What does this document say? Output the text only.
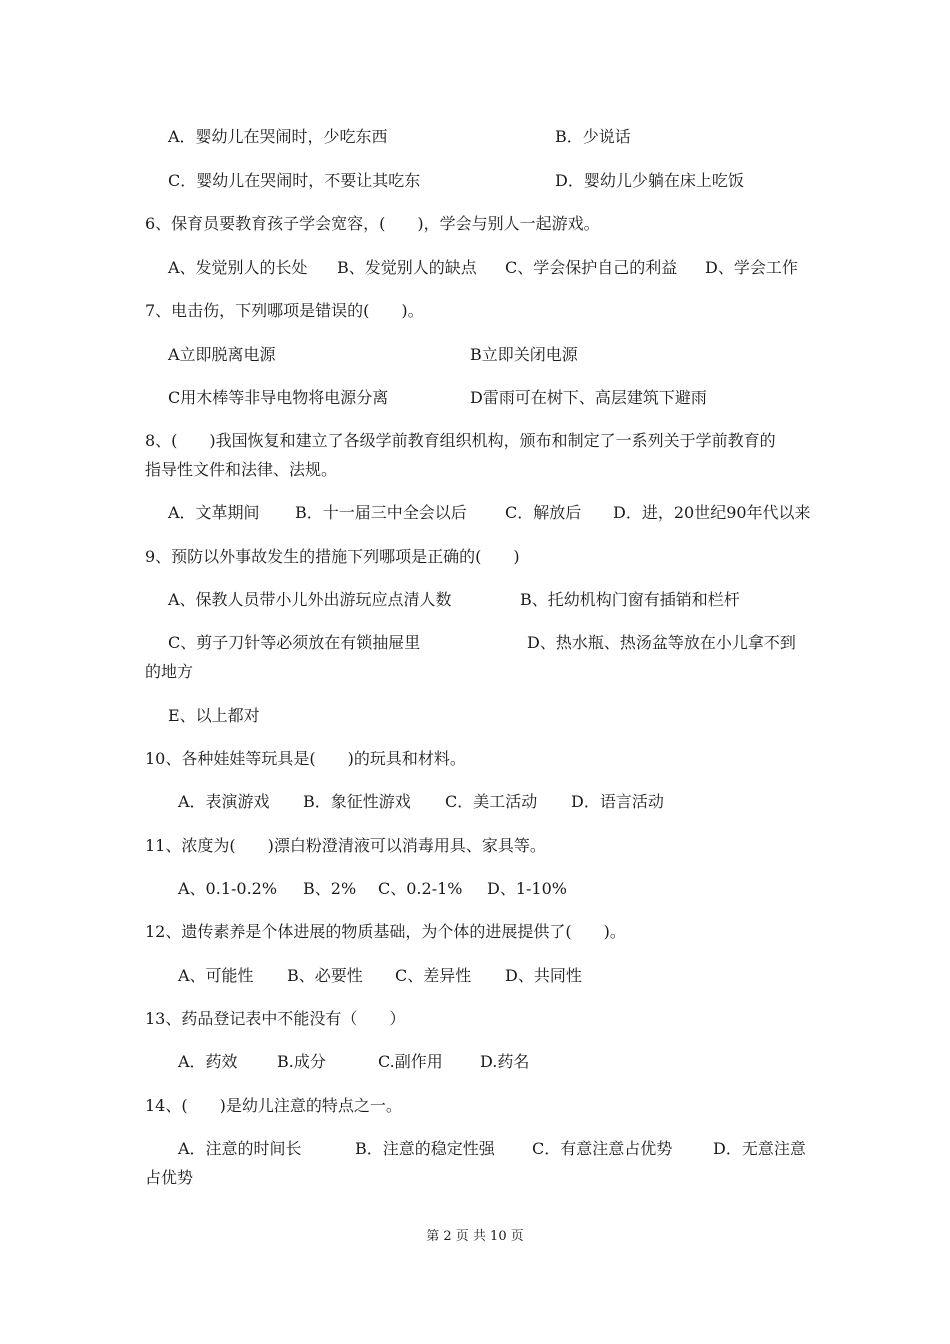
A．婴幼儿在哭闹时，少吃东西	B．少说话
C．婴幼儿在哭闹时，不要让其吃东	D．婴幼儿少躺在床上吃饭
6、保育员要教育孩子学会宽容，(　　)，学会与别人一起游戏。
A、发觉别人的长处 B、发觉别人的缺点 C、学会保护自己的利益 D、学会工作
7、电击伤，下列哪项是错误的(　　)。
A立即脱离电源	B立即关闭电源
C用木棒等非导电物将电源分离	D雷雨可在树下、高层建筑下避雨
8、(　　)我国恢复和建立了各级学前教育组织机构，颁布和制定了一系列关于学前教育的
指导性文件和法律、法规。
A．文革期间 B．十一届三中全会以后 C．解放后 D．进，20世纪90年代以来
9、预防以外事故发生的措施下列哪项是正确的(　　)
A、保教人员带小儿外出游玩应点清人数	B、托幼机构门窗有插销和栏杆
C、剪子刀针等必须放在有锁抽屉里	D、热水瓶、热汤盆等放在小儿拿不到
的地方
E、以上都对
10、各种娃娃等玩具是(　　)的玩具和材料。
A．表演游戏 B．象征性游戏 C．美工活动 D．语言活动
11、浓度为(　　)漂白粉澄清液可以消毒用具、家具等。
A、0.1-0.2% B、2% C、0.2-1% D、1-10%
12、遗传素养是个体进展的物质基础，为个体的进展提供了(　　)。
A、可能性 B、必要性 C、差异性 D、共同性
13、药品登记表中不能没有（　　）
A．药效 B.成分	C.副作用 D.药名
14、(　　)是幼儿注意的特点之一。
A．注意的时间长	B．注意的稳定性强 C．有意注意占优势	D．无意注意
占优势
第 2 页 共 10 页
